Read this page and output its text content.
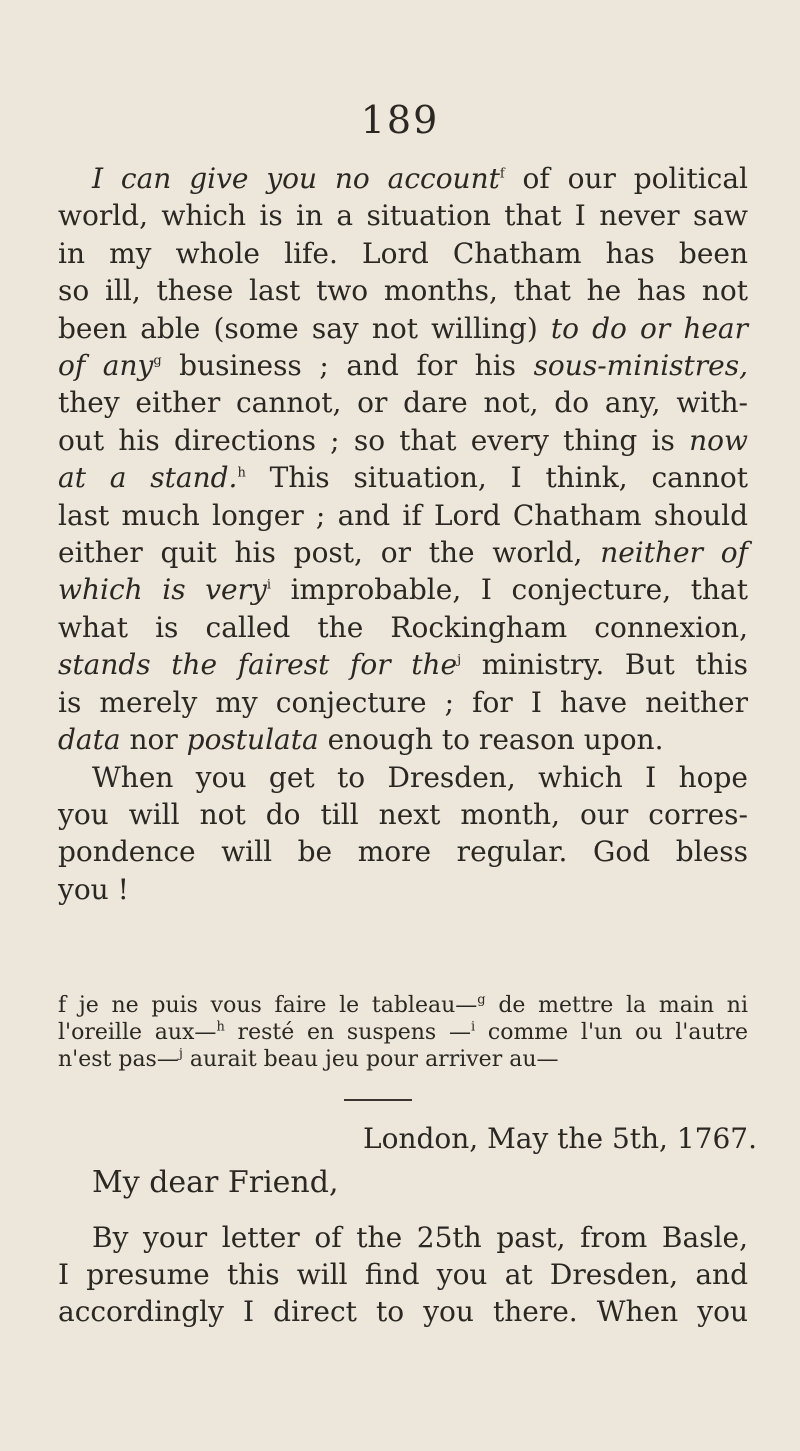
189

I can give you no account$^f$ of our political

world, which is in a situation that I never saw

in my whole life. Lord Chatham has been

so ill, these last two months, that he has not

been able (some say not willing) to do or hear

of any$^g$ business ; and for his sous-ministres,

they either cannot, or dare not, do any, with-

out his directions ; so that every thing is now

at a stand.$^h$ This situation, I think, cannot

last much longer ; and if Lord Chatham should

either quit his post, or the world, neither of

which is very$^i$ improbable, I conjecture, that

what is called the Rockingham connexion,

stands the fairest for the$^j$ ministry. But this

is merely my conjecture ; for I have neither

data nor postulata enough to reason upon.

When you get to Dresden, which I hope

you will not do till next month, our corres-

pondence will be more regular. God bless

you !

f je ne puis vous faire le tableau—$^g$ de mettre la main ni

l'oreille aux—$^h$ resté en suspens —$^i$ comme l'un ou l'autre

n'est pas—$^j$ aurait beau jeu pour arriver au—

London, May the 5th, 1767.
My dear Friend,

By your letter of the 25th past, from Basle,

I presume this will find you at Dresden, and

accordingly I direct to you there. When you
